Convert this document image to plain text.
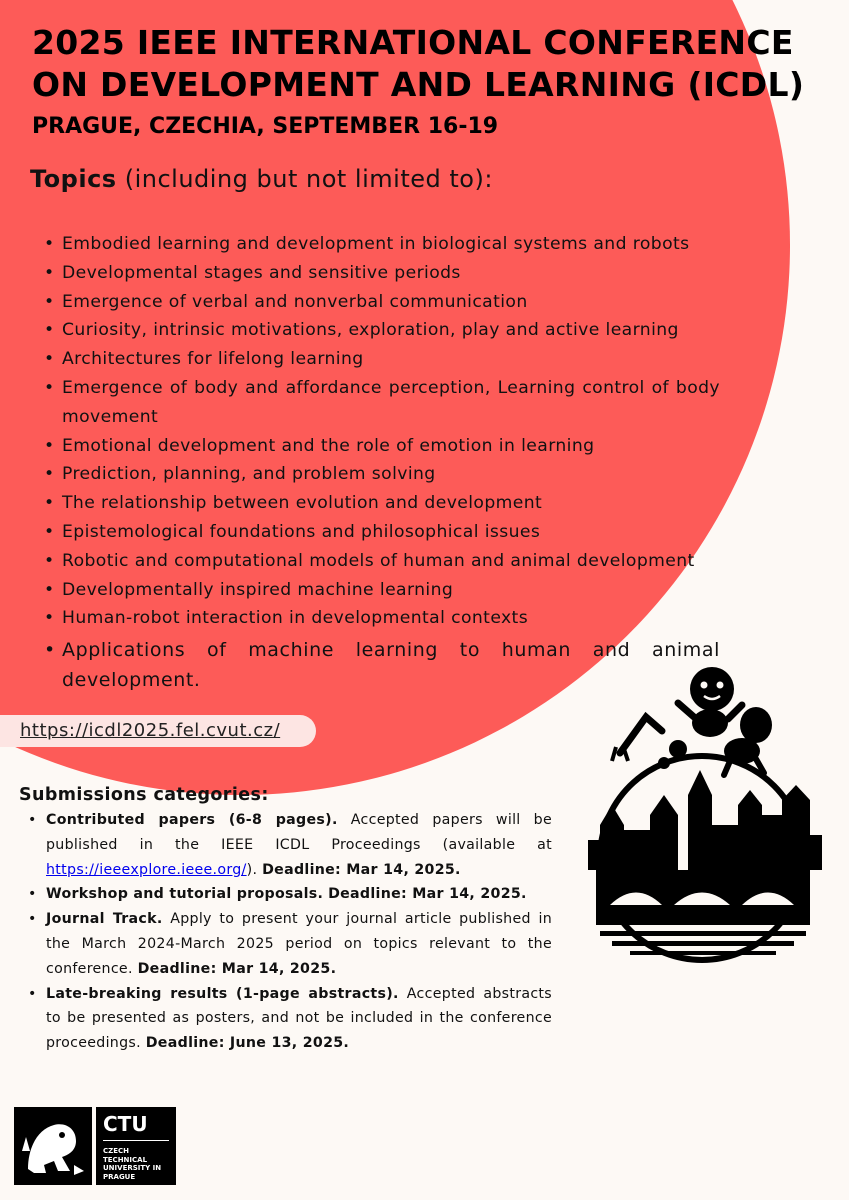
2025 IEEE INTERNATIONAL CONFERENCE ON DEVELOPMENT AND LEARNING (ICDL)
PRAGUE, CZECHIA, SEPTEMBER 16-19
Topics (including but not limited to):
• Embodied learning and development in biological systems and robots
• Developmental stages and sensitive periods
• Emergence of verbal and nonverbal communication
• Curiosity, intrinsic motivations, exploration, play and active learning
• Architectures for lifelong learning
• Emergence of body and affordance perception, Learning control of body movement
• Emotional development and the role of emotion in learning
• Prediction, planning, and problem solving
• The relationship between evolution and development
• Epistemological foundations and philosophical issues
• Robotic and computational models of human and animal development
• Developmentally inspired machine learning
• Human-robot interaction in developmental contexts
• Applications of machine learning to human and animal development.
https://icdl2025.fel.cvut.cz/
Submissions categories:
• Contributed papers (6-8 pages). Accepted papers will be published in the IEEE ICDL Proceedings (available at https://ieeexplore.ieee.org/). Deadline: Mar 14, 2025.
• Workshop and tutorial proposals. Deadline: Mar 14, 2025.
• Journal Track. Apply to present your journal article published in the March 2024-March 2025 period on topics relevant to the conference. Deadline: Mar 14, 2025.
• Late-breaking results (1-page abstracts). Accepted abstracts to be presented as posters, and not be included in the conference proceedings. Deadline: June 13, 2025.
CTU
CZECH TECHNICAL UNIVERSITY IN PRAGUE
